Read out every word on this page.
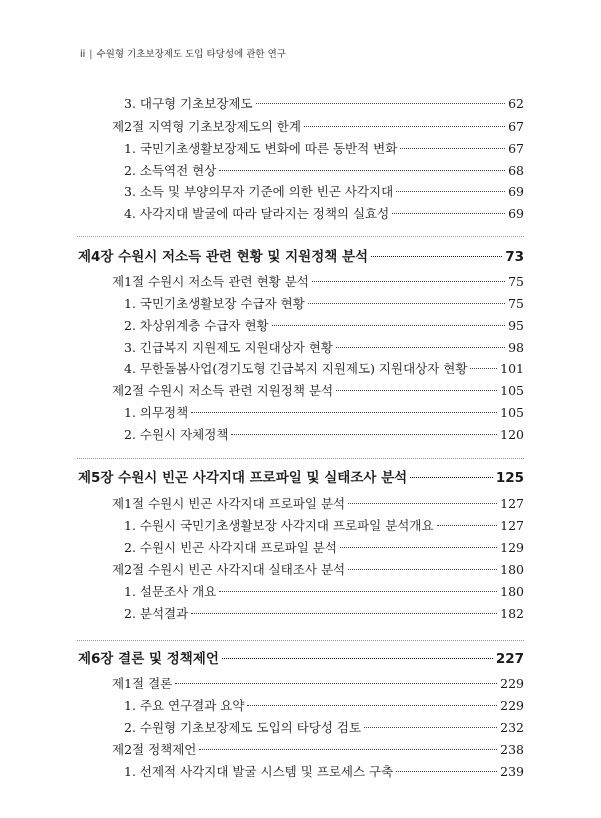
ii | 수원형 기초보장제도 도입 타당성에 관한 연구
3. 대구형 기초보장제도	62
제2절 지역형 기초보장제도의 한계	67
1. 국민기초생활보장제도 변화에 따른 동반적 변화	67
2. 소득역전 현상	68
3. 소득 및 부양의무자 기준에 의한 빈곤 사각지대	69
4. 사각지대 발굴에 따라 달라지는 정책의 실효성	69
제4장 수원시 저소득 관련 현황 및 지원정책 분석	73
제1절 수원시 저소득 관련 현황 분석	75
1. 국민기초생활보장 수급자 현황	75
2. 차상위계층 수급자 현황	95
3. 긴급복지 지원제도 지원대상자 현황	98
4. 무한돌봄사업(경기도형 긴급복지 지원제도) 지원대상자 현황	101
제2절 수원시 저소득 관련 지원정책 분석	105
1. 의무정책	105
2. 수원시 자체정책	120
제5장 수원시 빈곤 사각지대 프로파일 및 실태조사 분석	125
제1절 수원시 빈곤 사각지대 프로파일 분석	127
1. 수원시 국민기초생활보장 사각지대 프로파일 분석개요	127
2. 수원시 빈곤 사각지대 프로파일 분석	129
제2절 수원시 빈곤 사각지대 실태조사 분석	180
1. 설문조사 개요	180
2. 분석결과	182
제6장 결론 및 정책제언	227
제1절 결론	229
1. 주요 연구결과 요약	229
2. 수원형 기초보장제도 도입의 타당성 검토	232
제2절 정책제언	238
1. 선제적 사각지대 발굴 시스템 및 프로세스 구축	239
